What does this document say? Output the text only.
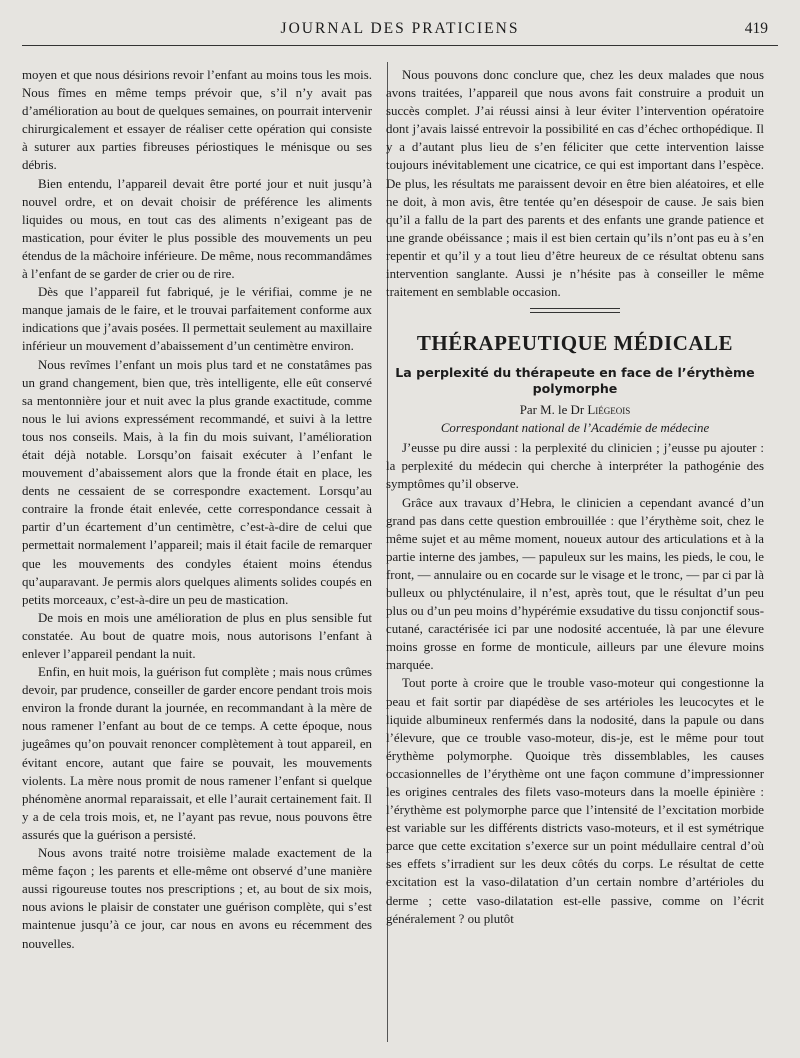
JOURNAL DES PRATICIENS	419

moyen et que nous désirions revoir l’enfant au moins tous les mois. Nous fîmes en même temps prévoir que, s’il n’y avait pas d’amélioration au bout de quelques semaines, on pourrait intervenir chirurgicalement et essayer de réaliser cette opération qui consiste à suturer aux parties fibreuses périostiques le ménisque ou ses débris.

Bien entendu, l’appareil devait être porté jour et nuit jusqu’à nouvel ordre, et on devait choisir de préférence les aliments liquides ou mous, en tout cas des aliments n’exigeant pas de mastication, pour éviter le plus possible des mouvements un peu étendus de la mâchoire inférieure. De même, nous recommandâmes à l’enfant de se garder de crier ou de rire.

Dès que l’appareil fut fabriqué, je le vérifiai, comme je ne manque jamais de le faire, et le trouvai parfaitement conforme aux indications que j’avais posées. Il permettait seulement au maxillaire inférieur un mouvement d’abaissement d’un centimètre environ.

Nous revîmes l’enfant un mois plus tard et ne constatâmes pas un grand changement, bien que, très intelligente, elle eût conservé sa mentonnière jour et nuit avec la plus grande exactitude, comme nous le lui avions expressément recommandé, et suivi à la lettre tous nos conseils. Mais, à la fin du mois suivant, l’amélioration était déjà notable. Lorsqu’on faisait exécuter à l’enfant le mouvement d’abaissement alors que la fronde était en place, les dents ne cessaient de se correspondre exactement. Lorsqu’au contraire la fronde était enlevée, cette correspondance cessait à partir d’un écartement d’un centimètre, c’est-à-dire de celui que permettait normalement l’appareil; mais il était facile de remarquer que les mouvements des condyles étaient moins étendus qu’auparavant. Je permis alors quelques aliments solides coupés en petits morceaux, c’est-à-dire un peu de mastication.

De mois en mois une amélioration de plus en plus sensible fut constatée. Au bout de quatre mois, nous autorisons l’enfant à enlever l’appareil pendant la nuit.

Enfin, en huit mois, la guérison fut complète ; mais nous crûmes devoir, par prudence, conseiller de garder encore pendant trois mois environ la fronde durant la journée, en recommandant à la mère de nous ramener l’enfant au bout de ce temps. A cette époque, nous jugeâmes qu’on pouvait renoncer complètement à tout appareil, en évitant encore, autant que faire se pouvait, les mouvements violents. La mère nous promit de nous ramener l’enfant si quelque phénomène anormal reparaissait, et elle l’aurait certainement fait. Il y a de cela trois mois, et, ne l’ayant pas revue, nous pouvons être assurés que la guérison a persisté.

Nous avons traité notre troisième malade exactement de la même façon ; les parents et elle-même ont observé d’une manière aussi rigoureuse toutes nos prescriptions ; et, au bout de six mois, nous avions le plaisir de constater une guérison complète, qui s’est maintenue jusqu’à ce jour, car nous en avons eu récemment des nouvelles.

Nous pouvons donc conclure que, chez les deux malades que nous avons traitées, l’appareil que nous avons fait construire a produit un succès complet. J’ai réussi ainsi à leur éviter l’intervention opératoire dont j’avais laissé entrevoir la possibilité en cas d’échec orthopédique. Il y a d’autant plus lieu de s’en féliciter que cette intervention laisse toujours inévitablement une cicatrice, ce qui est important dans l’espèce. De plus, les résultats me paraissent devoir en être bien aléatoires, et elle ne doit, à mon avis, être tentée qu’en désespoir de cause. Je sais bien qu’il a fallu de la part des parents et des enfants une grande patience et une grande obéissance ; mais il est bien certain qu’ils n’ont pas eu à s’en repentir et qu’il y a tout lieu d’être heureux de ce résultat obtenu sans intervention sanglante. Aussi je n’hésite pas à conseiller le même traitement en semblable occasion.

THÉRAPEUTIQUE MÉDICALE
La perplexité du thérapeute en face de l’érythème polymorphe
Par M. le Dr Liégeois
Correspondant national de l’Académie de médecine

J’eusse pu dire aussi : la perplexité du clinicien ; j’eusse pu ajouter : la perplexité du médecin qui cherche à interpréter la pathogénie des symptômes qu’il observe.

Grâce aux travaux d’Hebra, le clinicien a cependant avancé d’un grand pas dans cette question embrouillée : que l’érythème soit, chez le même sujet et au même moment, noueux autour des articulations et à la partie interne des jambes, — papuleux sur les mains, les pieds, le cou, le front, — annulaire ou en cocarde sur le visage et le tronc, — par ci par là bulleux ou phlycténulaire, il n’est, après tout, que le résultat d’un peu plus ou d’un peu moins d’hypérémie exsudative du tissu conjonctif sous-cutané, caractérisée ici par une nodosité accentuée, là par une élevure moins grosse en forme de monticule, ailleurs par une élevure moins marquée.

Tout porte à croire que le trouble vaso-moteur qui congestionne la peau et fait sortir par diapédèse de ses artérioles les leucocytes et le liquide albumineux renfermés dans la nodosité, dans la papule ou dans l’élevure, que ce trouble vaso-moteur, dis-je, est le même pour tout érythème polymorphe. Quoique très dissemblables, les causes occasionnelles de l’érythème ont une façon commune d’impressionner les origines centrales des filets vaso-moteurs dans la moelle épinière : l’érythème est polymorphe parce que l’intensité de l’excitation morbide est variable sur les différents districts vaso-moteurs, et il est symétrique parce que cette excitation s’exerce sur un point médullaire central d’où ses effets s’irradient sur les deux côtés du corps. Le résultat de cette excitation est la vaso-dilatation d’un certain nombre d’artérioles du derme ; cette vaso-dilatation est-elle passive, comme on l’écrit généralement ? ou plutôt
